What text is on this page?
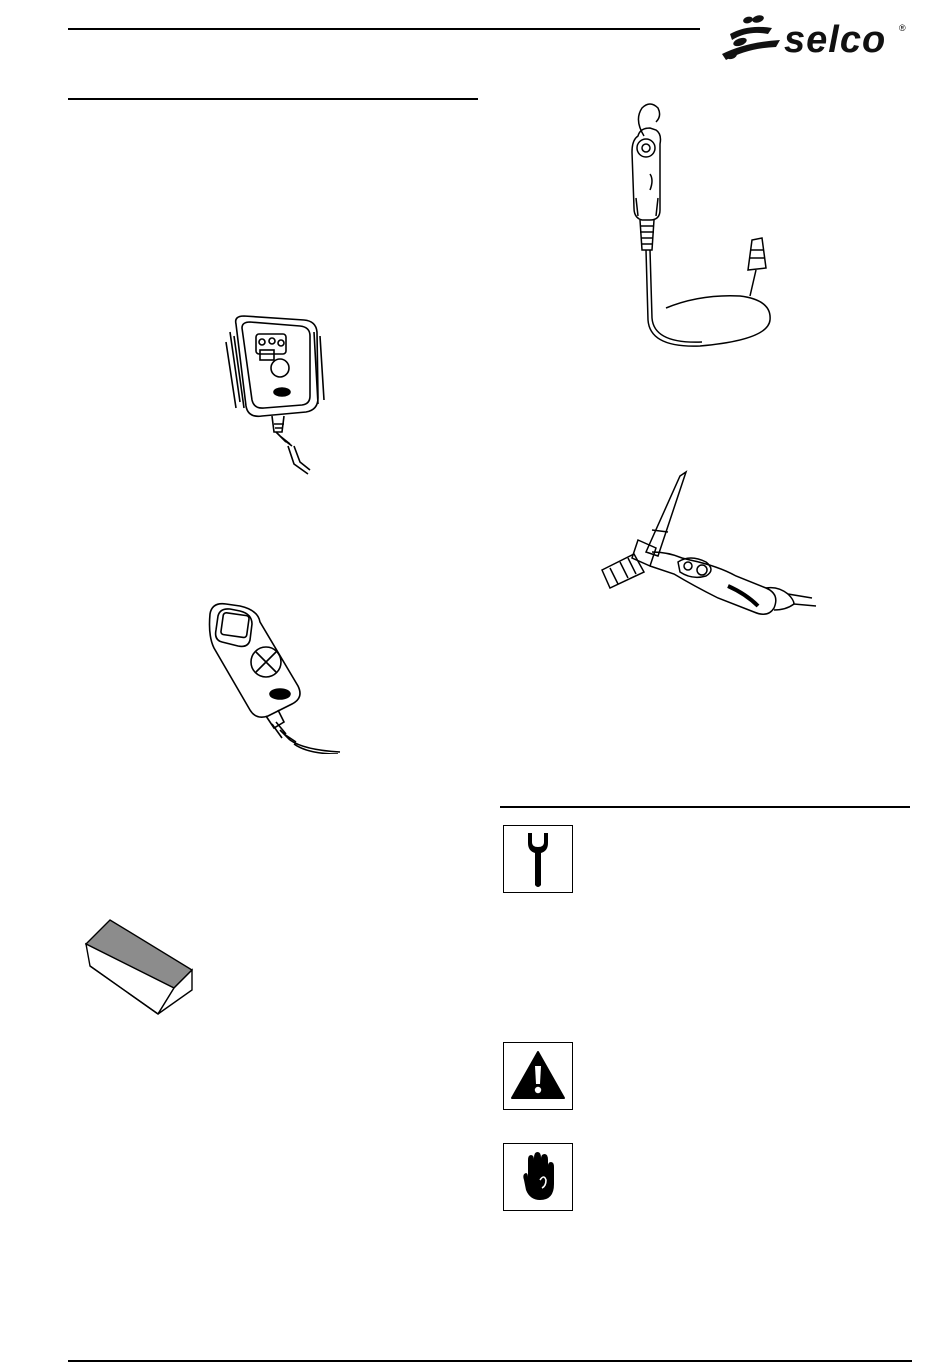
selco ®
